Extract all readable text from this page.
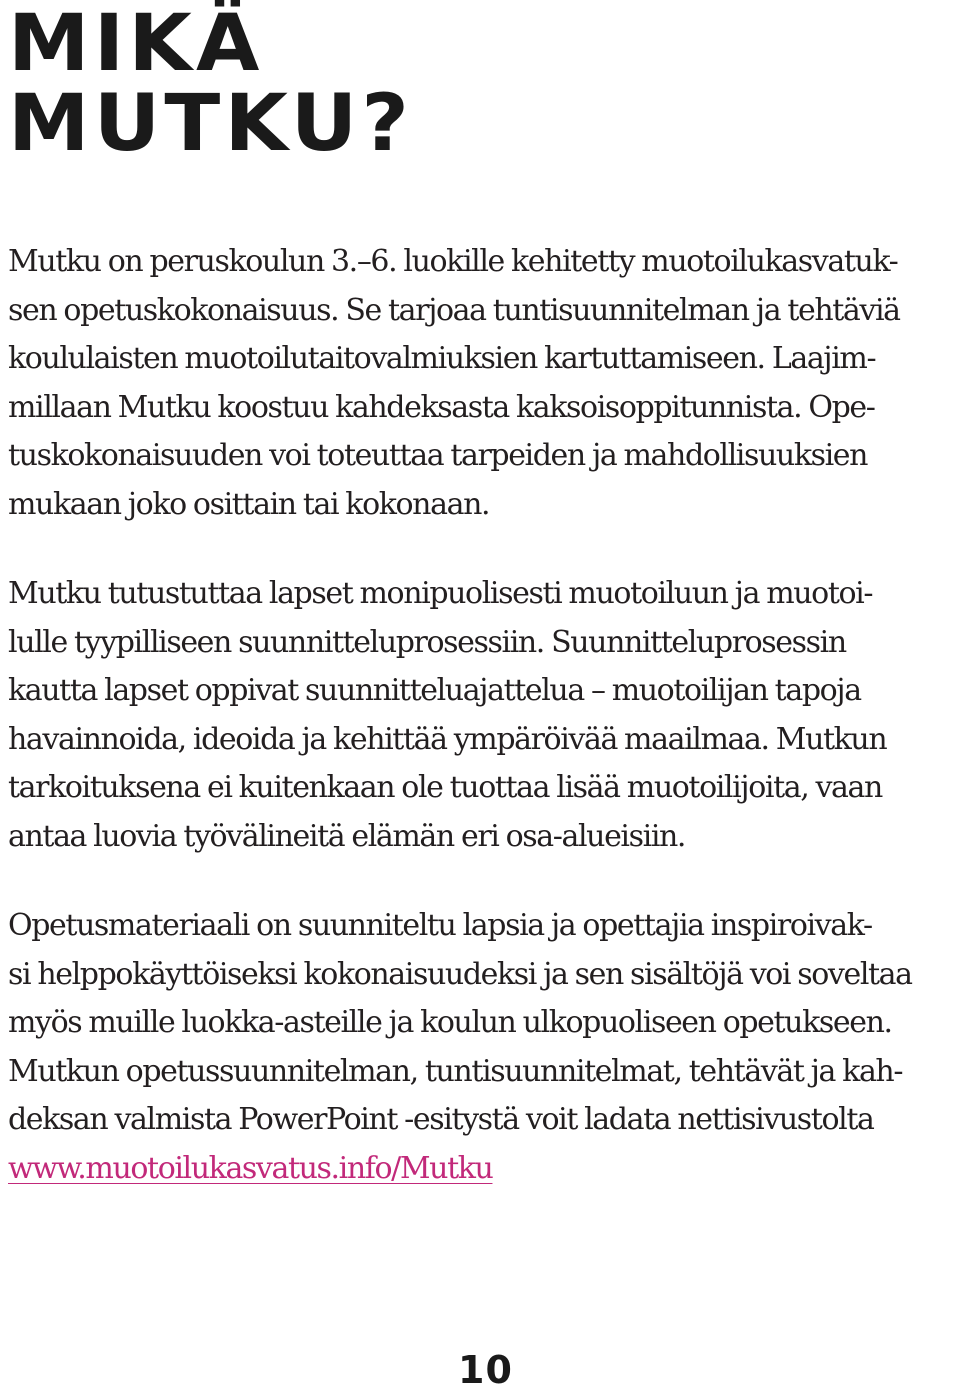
MIKÄ
MUTKU?

Mutku on peruskoulun 3.–6. luokille kehitetty muotoilukasvatuk-
sen opetuskokonaisuus. Se tarjoaa tuntisuunnitelman ja tehtäviä
koululaisten muotoilutaitovalmiuksien kartuttamiseen. Laajim-
millaan Mutku koostuu kahdeksasta kaksoisoppitunnista. Ope-
tuskokonaisuuden voi toteuttaa tarpeiden ja mahdollisuuksien
mukaan joko osittain tai kokonaan.

Mutku tutustuttaa lapset monipuolisesti muotoiluun ja muotoi-
lulle tyypilliseen suunnitteluprosessiin. Suunnitteluprosessin
kautta lapset oppivat suunnitteluajattelua – muotoilijan tapoja
havainnoida, ideoida ja kehittää ympäröivää maailmaa. Mutkun
tarkoituksena ei kuitenkaan ole tuottaa lisää muotoilijoita, vaan
antaa luovia työvälineitä elämän eri osa-alueisiin.

Opetusmateriaali on suunniteltu lapsia ja opettajia inspiroivak-
si helppokäyttöiseksi kokonaisuudeksi ja sen sisältöjä voi soveltaa
myös muille luokka-asteille ja koulun ulkopuoliseen opetukseen.
Mutkun opetussuunnitelman, tuntisuunnitelmat, tehtävät ja kah-
deksan valmista PowerPoint -esitystä voit ladata nettisivustolta
www.muotoilukasvatus.info/Mutku

10
